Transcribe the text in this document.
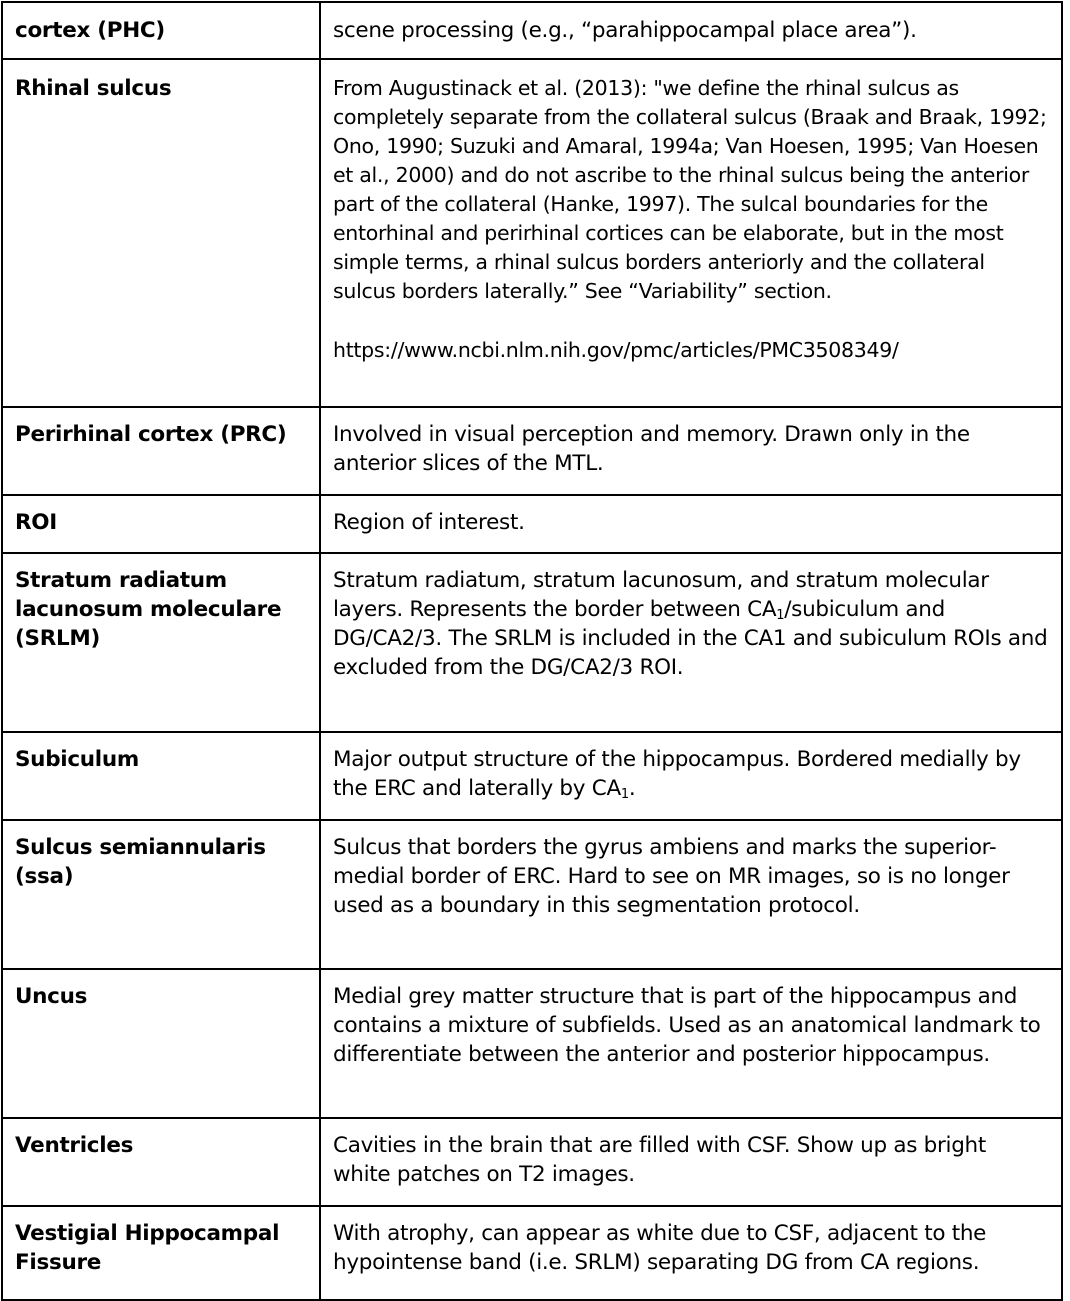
cortex (PHC)	scene processing (e.g., “parahippocampal place area”).
Rhinal sulcus	From Augustinack et al. (2013): "we define the rhinal sulcus as completely separate from the collateral sulcus (Braak and Braak, 1992; Ono, 1990; Suzuki and Amaral, 1994a; Van Hoesen, 1995; Van Hoesen et al., 2000) and do not ascribe to the rhinal sulcus being the anterior part of the collateral (Hanke, 1997). The sulcal boundaries for the entorhinal and perirhinal cortices can be elaborate, but in the most simple terms, a rhinal sulcus borders anteriorly and the collateral sulcus borders laterally.” See “Variability” section.
https://www.ncbi.nlm.nih.gov/pmc/articles/PMC3508349/

Perirhinal cortex (PRC)	Involved in visual perception and memory. Drawn only in the anterior slices of the MTL.
ROI	Region of interest.
Stratum radiatum lacunosum moleculare (SRLM)	Stratum radiatum, stratum lacunosum, and stratum molecular layers. Represents the border between $CA_1$/subiculum and DG/CA2/3. The SRLM is included in the CA1 and subiculum ROIs and excluded from the DG/CA2/3 ROI.
Subiculum	Major output structure of the hippocampus. Bordered medially by the ERC and laterally by $CA_1$.
Sulcus semiannularis (ssa)	Sulcus that borders the gyrus ambiens and marks the superior-medial border of ERC. Hard to see on MR images, so is no longer used as a boundary in this segmentation protocol.
Uncus	Medial grey matter structure that is part of the hippocampus and contains a mixture of subfields. Used as an anatomical landmark to differentiate between the anterior and posterior hippocampus.
Ventricles	Cavities in the brain that are filled with CSF. Show up as bright white patches on T2 images.
Vestigial Hippocampal Fissure	With atrophy, can appear as white due to CSF, adjacent to the hypointense band (i.e. SRLM) separating DG from CA regions.
